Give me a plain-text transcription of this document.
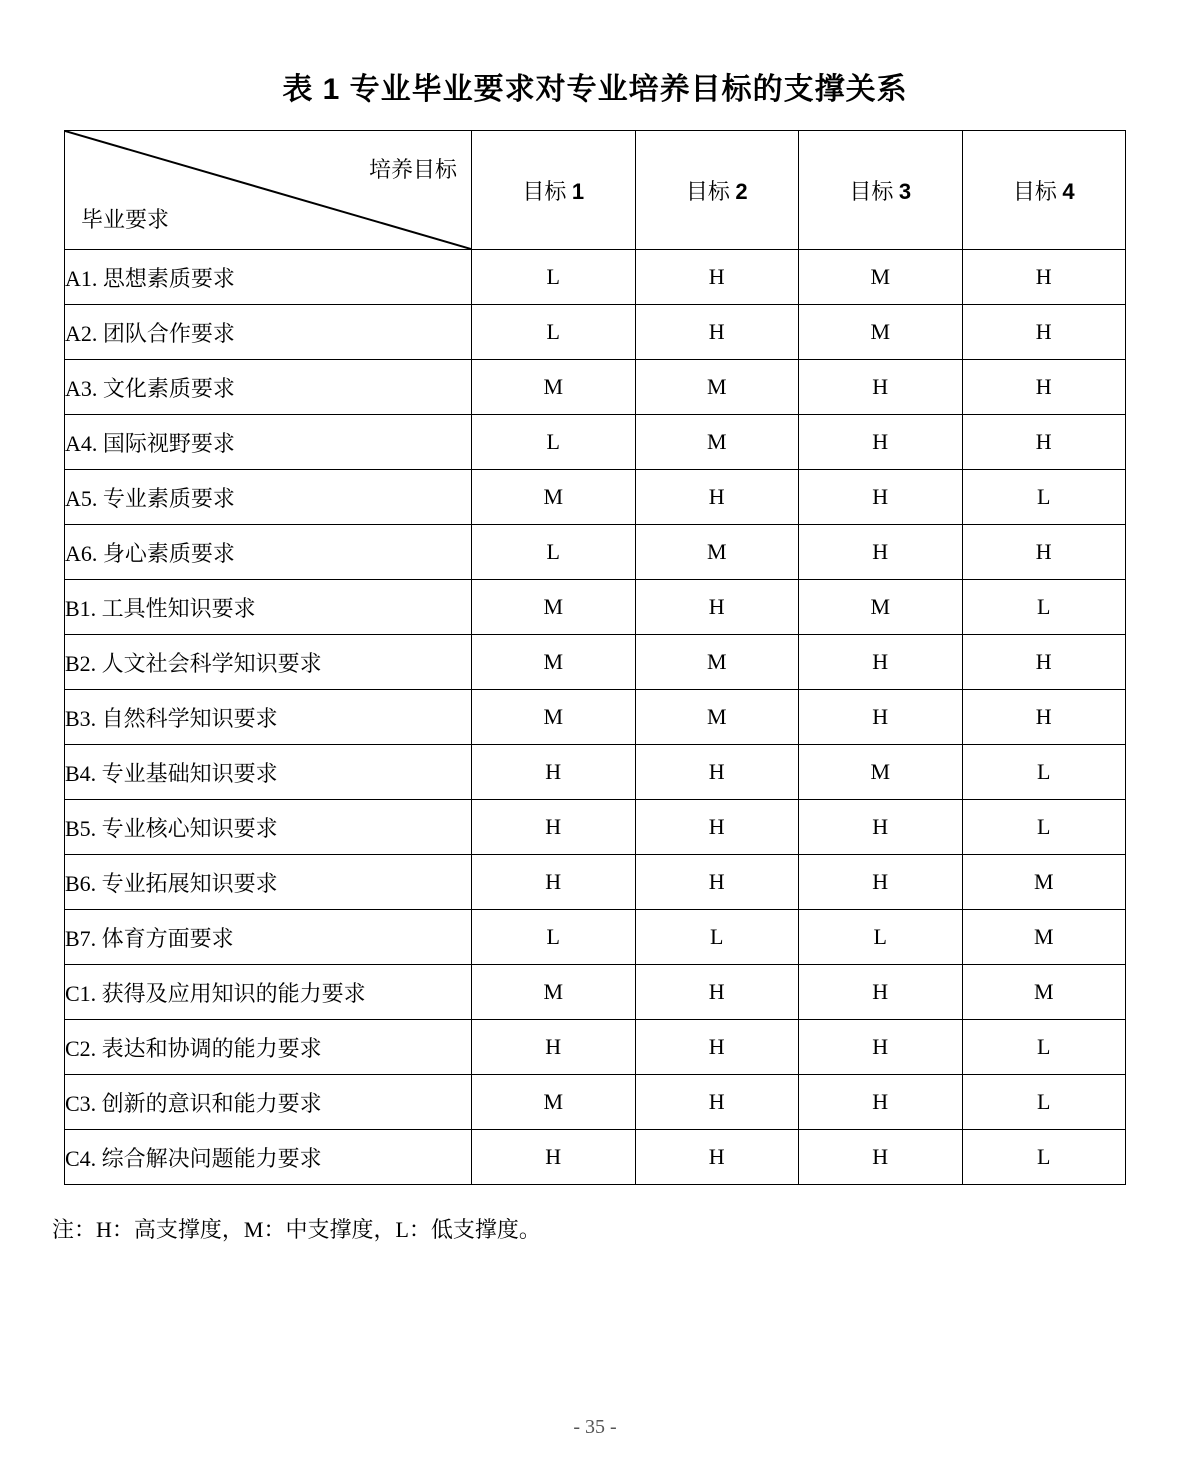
表 1 专业毕业要求对专业培养目标的支撑关系
培养目标
毕业要求	目标 1	目标 2	目标 3	目标 4
A1. 思想素质要求	L	H	M	H
A2. 团队合作要求	L	H	M	H
A3. 文化素质要求	M	M	H	H
A4. 国际视野要求	L	M	H	H
A5. 专业素质要求	M	H	H	L
A6. 身心素质要求	L	M	H	H
B1. 工具性知识要求	M	H	M	L
B2. 人文社会科学知识要求	M	M	H	H
B3. 自然科学知识要求	M	M	H	H
B4. 专业基础知识要求	H	H	M	L
B5. 专业核心知识要求	H	H	H	L
B6. 专业拓展知识要求	H	H	H	M
B7. 体育方面要求	L	L	L	M
C1. 获得及应用知识的能力要求	M	H	H	M
C2. 表达和协调的能力要求	H	H	H	L
C3. 创新的意识和能力要求	M	H	H	L
C4. 综合解决问题能力要求	H	H	H	L
注：H：高支撑度，M：中支撑度，L：低支撑度。
- 35 -
